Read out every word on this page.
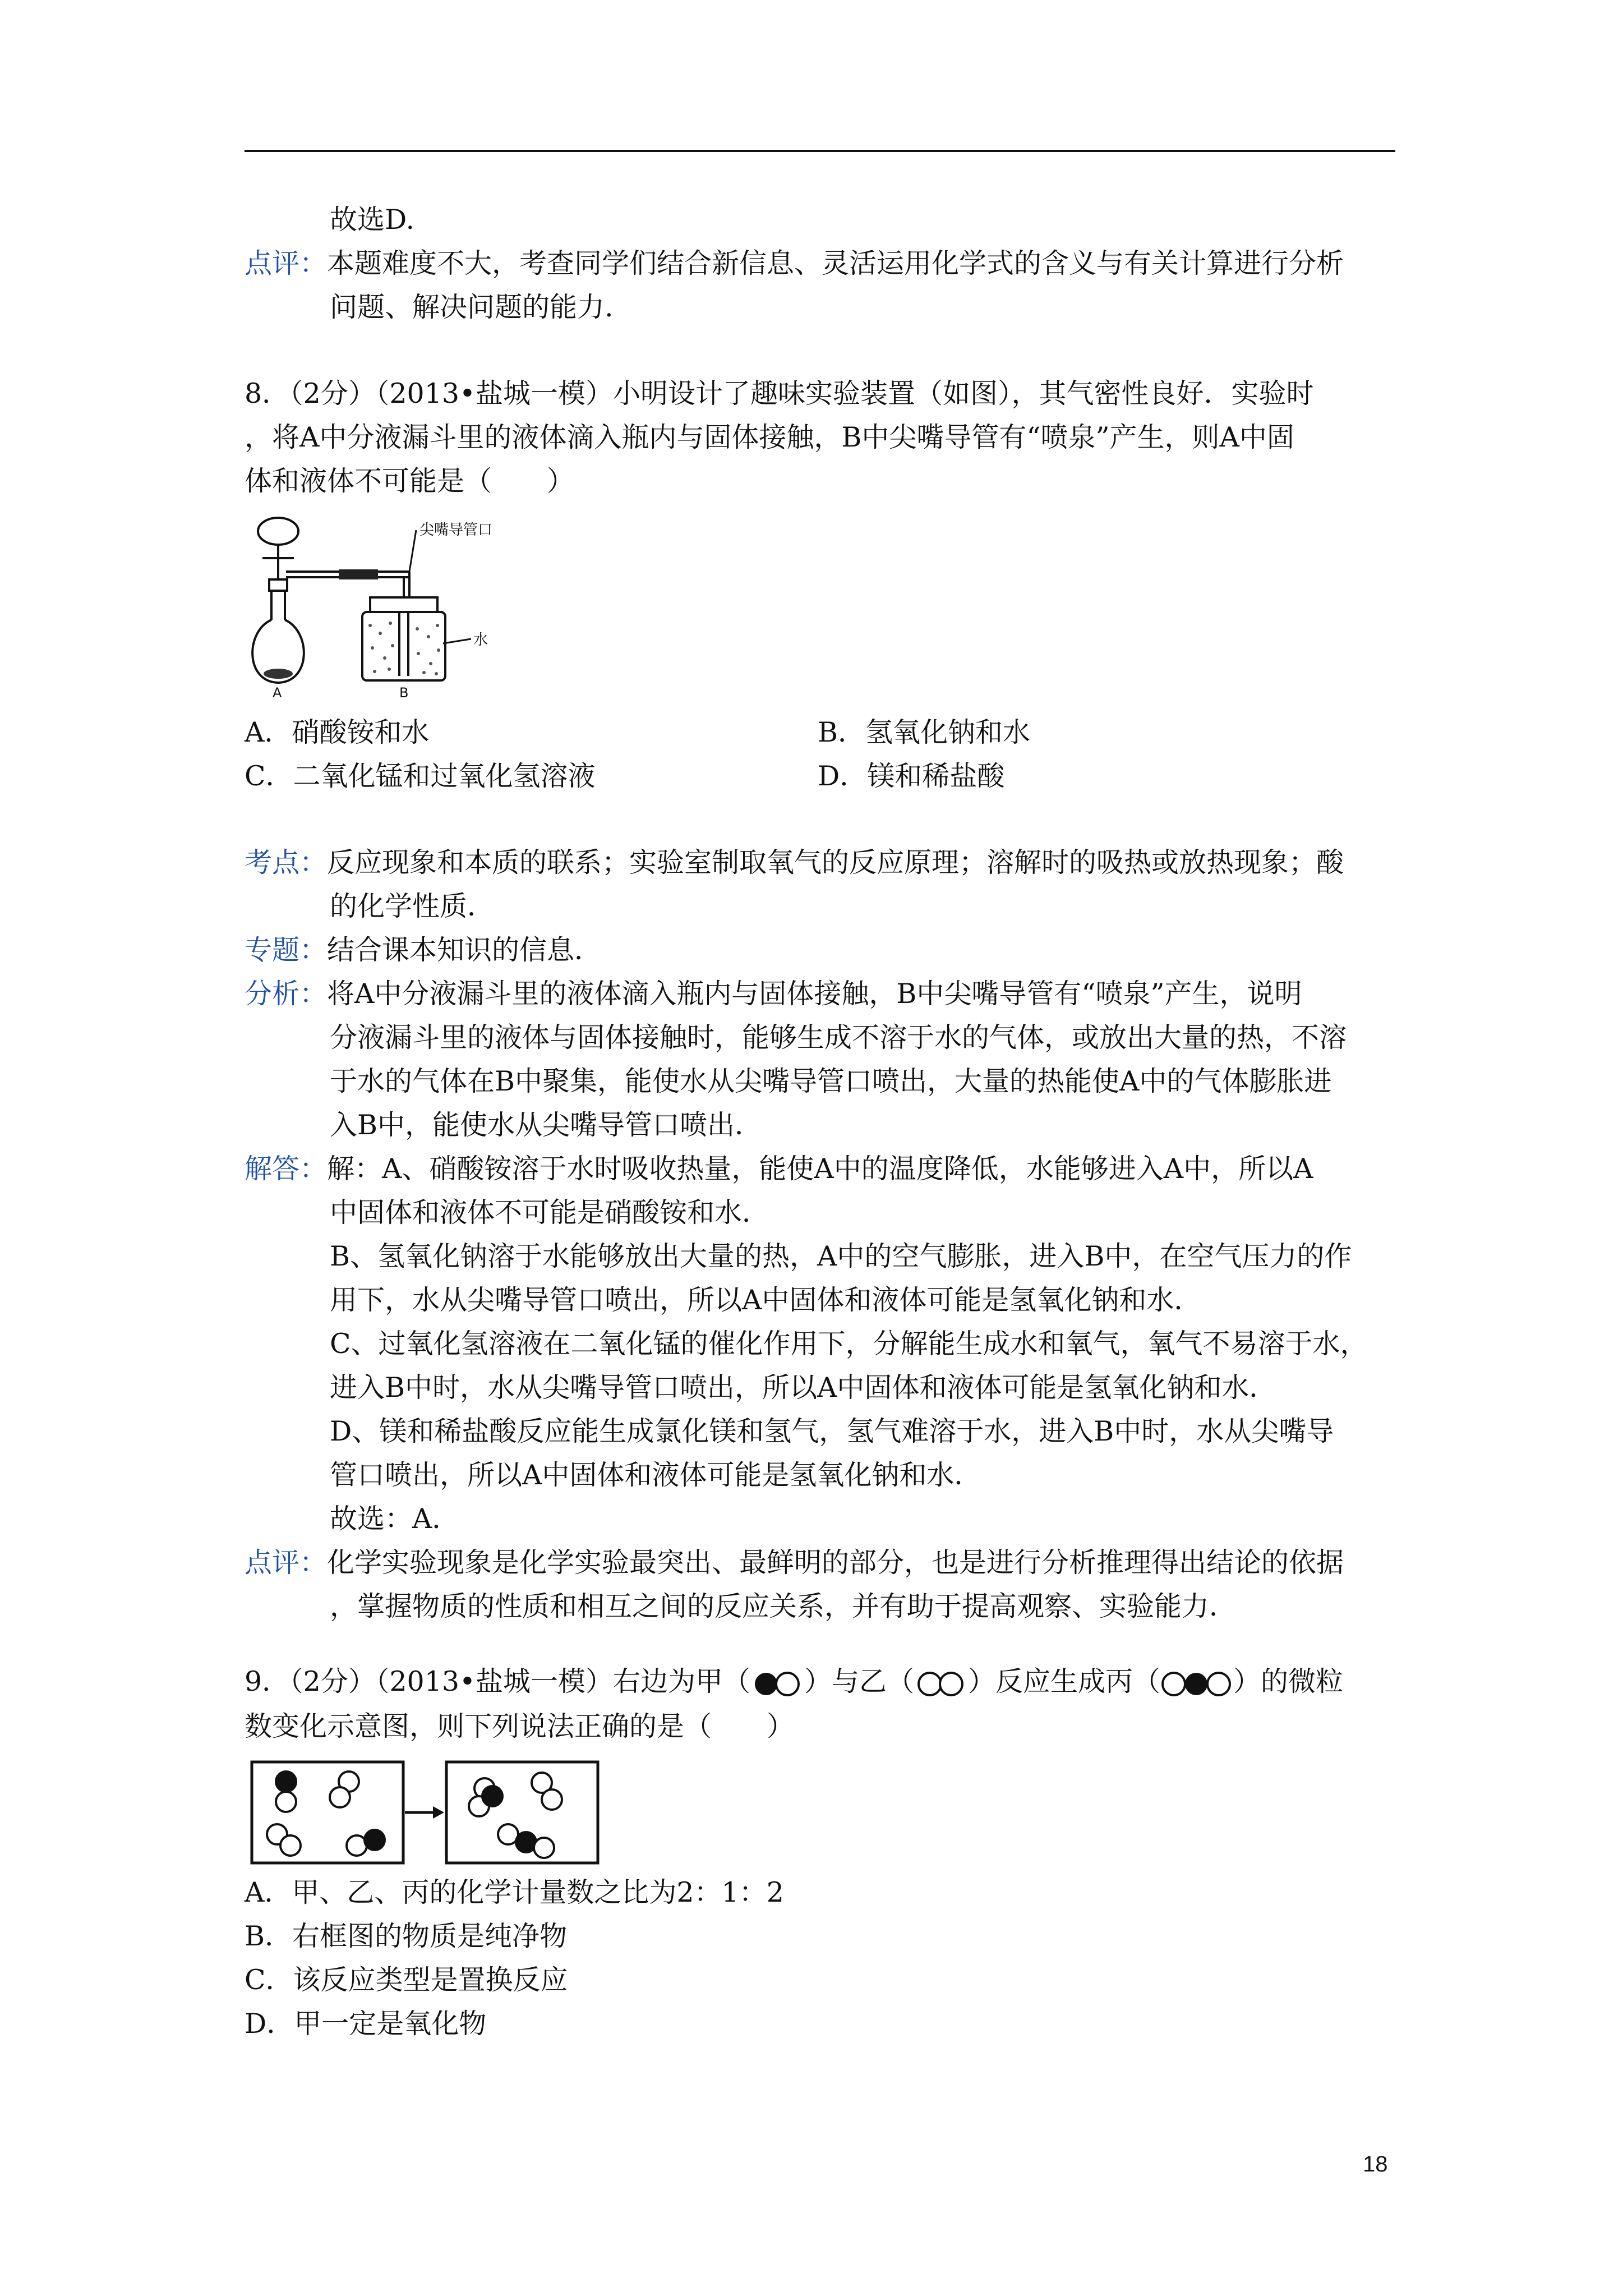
故选D.
点评：本题难度不大，考查同学们结合新信息、灵活运用化学式的含义与有关计算进行分析
问题、解决问题的能力.
8．（2分）（2013•盐城一模）小明设计了趣味实验装置（如图），其气密性良好．实验时
，将A中分液漏斗里的液体滴入瓶内与固体接触，B中尖嘴导管有“喷泉”产生，则A中固
体和液体不可能是（　　）
尖嘴导管口
水
A	B
A．硝酸铵和水	B．氢氧化钠和水
C．二氧化锰和过氧化氢溶液	D．镁和稀盐酸
考点：反应现象和本质的联系；实验室制取氧气的反应原理；溶解时的吸热或放热现象；酸
的化学性质．
专题：结合课本知识的信息．
分析：将A中分液漏斗里的液体滴入瓶内与固体接触，B中尖嘴导管有“喷泉”产生，说明
分液漏斗里的液体与固体接触时，能够生成不溶于水的气体，或放出大量的热，不溶
于水的气体在B中聚集，能使水从尖嘴导管口喷出，大量的热能使A中的气体膨胀进
入B中，能使水从尖嘴导管口喷出．
解答：解：A、硝酸铵溶于水时吸收热量，能使A中的温度降低，水能够进入A中，所以A
中固体和液体不可能是硝酸铵和水．
B、氢氧化钠溶于水能够放出大量的热，A中的空气膨胀，进入B中，在空气压力的作
用下，水从尖嘴导管口喷出，所以A中固体和液体可能是氢氧化钠和水．
C、过氧化氢溶液在二氧化锰的催化作用下，分解能生成水和氧气，氧气不易溶于水，
进入B中时，水从尖嘴导管口喷出，所以A中固体和液体可能是氢氧化钠和水．
D、镁和稀盐酸反应能生成氯化镁和氢气，氢气难溶于水，进入B中时，水从尖嘴导
管口喷出，所以A中固体和液体可能是氢氧化钠和水．
故选：A．
点评：化学实验现象是化学实验最突出、最鲜明的部分，也是进行分析推理得出结论的依据
，掌握物质的性质和相互之间的反应关系，并有助于提高观察、实验能力．
9．（2分）（2013•盐城一模）右边为甲（ ）与乙（ ）反应生成丙（	）的微粒
数变化示意图，则下列说法正确的是（　　）
A．甲、乙、丙的化学计量数之比为2：1：2
B．右框图的物质是纯净物
C．该反应类型是置换反应
D．甲一定是氧化物
18
